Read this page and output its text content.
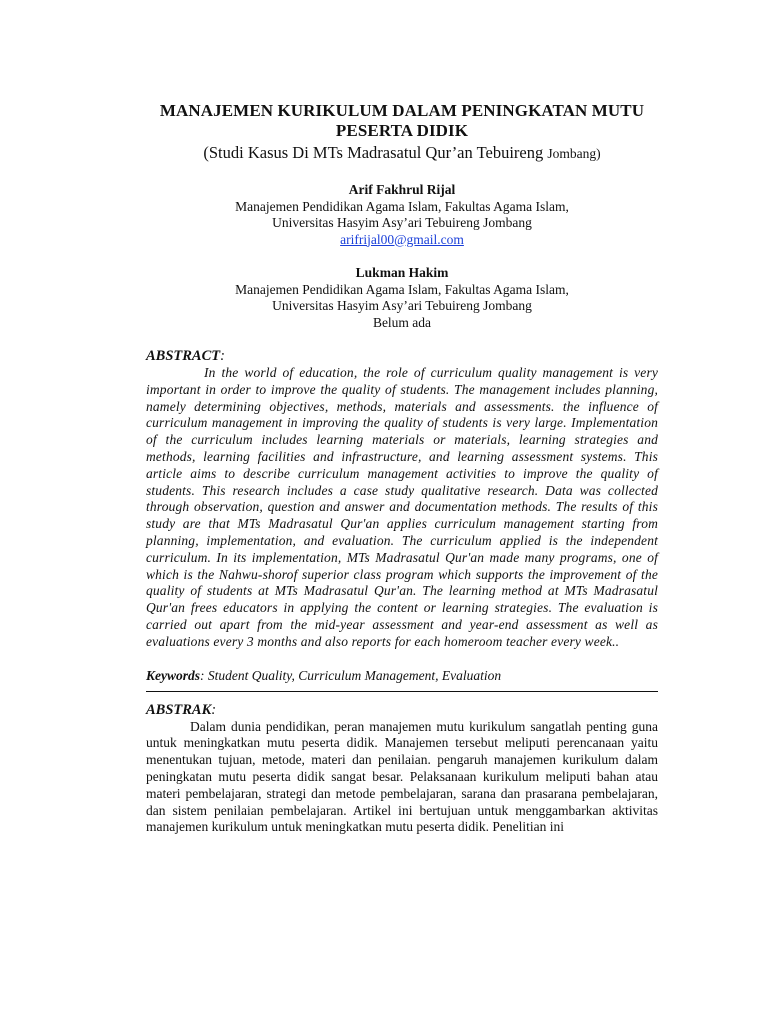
MANAJEMEN KURIKULUM DALAM PENINGKATAN MUTU
PESERTA DIDIK
(Studi Kasus Di MTs Madrasatul Qur’an Tebuireng Jombang)
Arif Fakhrul Rijal
Manajemen Pendidikan Agama Islam, Fakultas Agama Islam,
Universitas Hasyim Asy’ari Tebuireng Jombang
arifrijal00@gmail.com
Lukman Hakim
Manajemen Pendidikan Agama Islam, Fakultas Agama Islam,
Universitas Hasyim Asy’ari Tebuireng Jombang
Belum ada
ABSTRACT:
In the world of education, the role of curriculum quality management is very important in order to improve the quality of students. The management includes planning, namely determining objectives, methods, materials and assessments. the influence of curriculum management in improving the quality of students is very large. Implementation of the curriculum includes learning materials or materials, learning strategies and methods, learning facilities and infrastructure, and learning assessment systems. This article aims to describe curriculum management activities to improve the quality of students. This research includes a case study qualitative research. Data was collected through observation, question and answer and documentation methods. The results of this study are that MTs Madrasatul Qur'an applies curriculum management starting from planning, implementation, and evaluation. The curriculum applied is the independent curriculum. In its implementation, MTs Madrasatul Qur'an made many programs, one of which is the Nahwu-shorof superior class program which supports the improvement of the quality of students at MTs Madrasatul Qur'an. The learning method at MTs Madrasatul Qur'an frees educators in applying the content or learning strategies. The evaluation is carried out apart from the mid-year assessment and year-end assessment as well as evaluations every 3 months and also reports for each homeroom teacher every week..
Keywords: Student Quality, Curriculum Management, Evaluation
ABSTRAK:
Dalam dunia pendidikan, peran manajemen mutu kurikulum sangatlah penting guna untuk meningkatkan mutu peserta didik. Manajemen tersebut meliputi perencanaan yaitu menentukan tujuan, metode, materi dan penilaian. pengaruh manajemen kurikulum dalam peningkatan mutu peserta didik sangat besar. Pelaksanaan kurikulum meliputi bahan atau materi pembelajaran, strategi dan metode pembelajaran, sarana dan prasarana pembelajaran, dan sistem penilaian pembelajaran. Artikel ini bertujuan untuk menggambarkan aktivitas manajemen kurikulum untuk meningkatkan mutu peserta didik. Penelitian ini
